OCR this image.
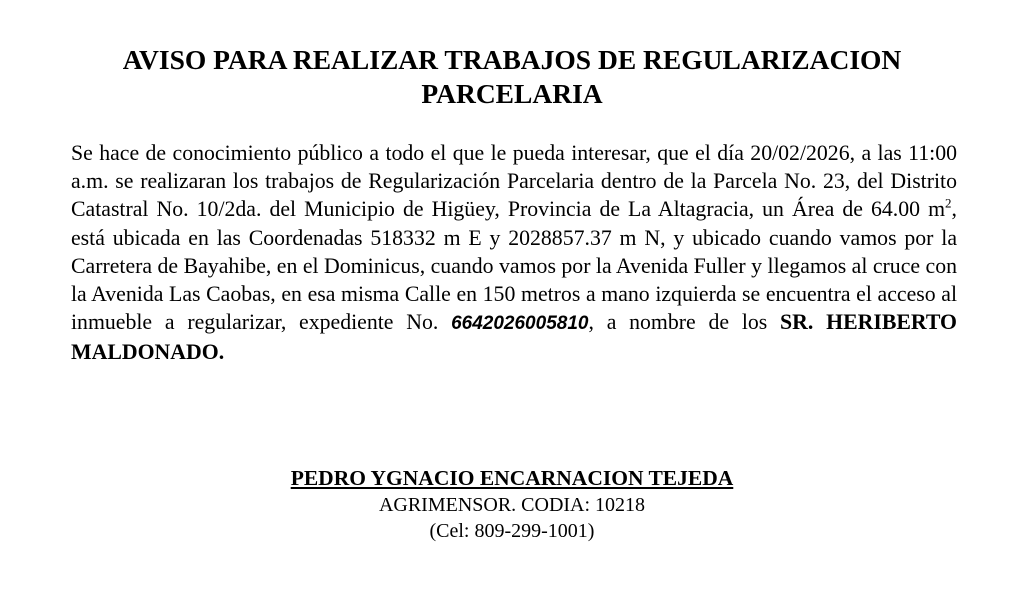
AVISO PARA REALIZAR TRABAJOS DE REGULARIZACION
PARCELARIA

Se hace de conocimiento público a todo el que le pueda interesar, que el día 20/02/2026, a las 11:00 a.m. se realizaran los trabajos de Regularización Parcelaria dentro de la Parcela No. 23, del Distrito Catastral No. 10/2da. del Municipio de Higüey, Provincia de La Altagracia, un Área de 64.00 $m^2$, está ubicada en las Coordenadas 518332 m E y 2028857.37 m N, y ubicado cuando vamos por la Carretera de Bayahibe, en el Dominicus, cuando vamos por la Avenida Fuller y llegamos al cruce con la Avenida Las Caobas, en esa misma Calle en 150 metros a mano izquierda se encuentra el acceso al inmueble a regularizar, expediente No. 6642026005810, a nombre de los SR. HERIBERTO MALDONADO.

PEDRO YGNACIO ENCARNACION TEJEDA
AGRIMENSOR. CODIA: 10218
(Cel: 809-299-1001)
